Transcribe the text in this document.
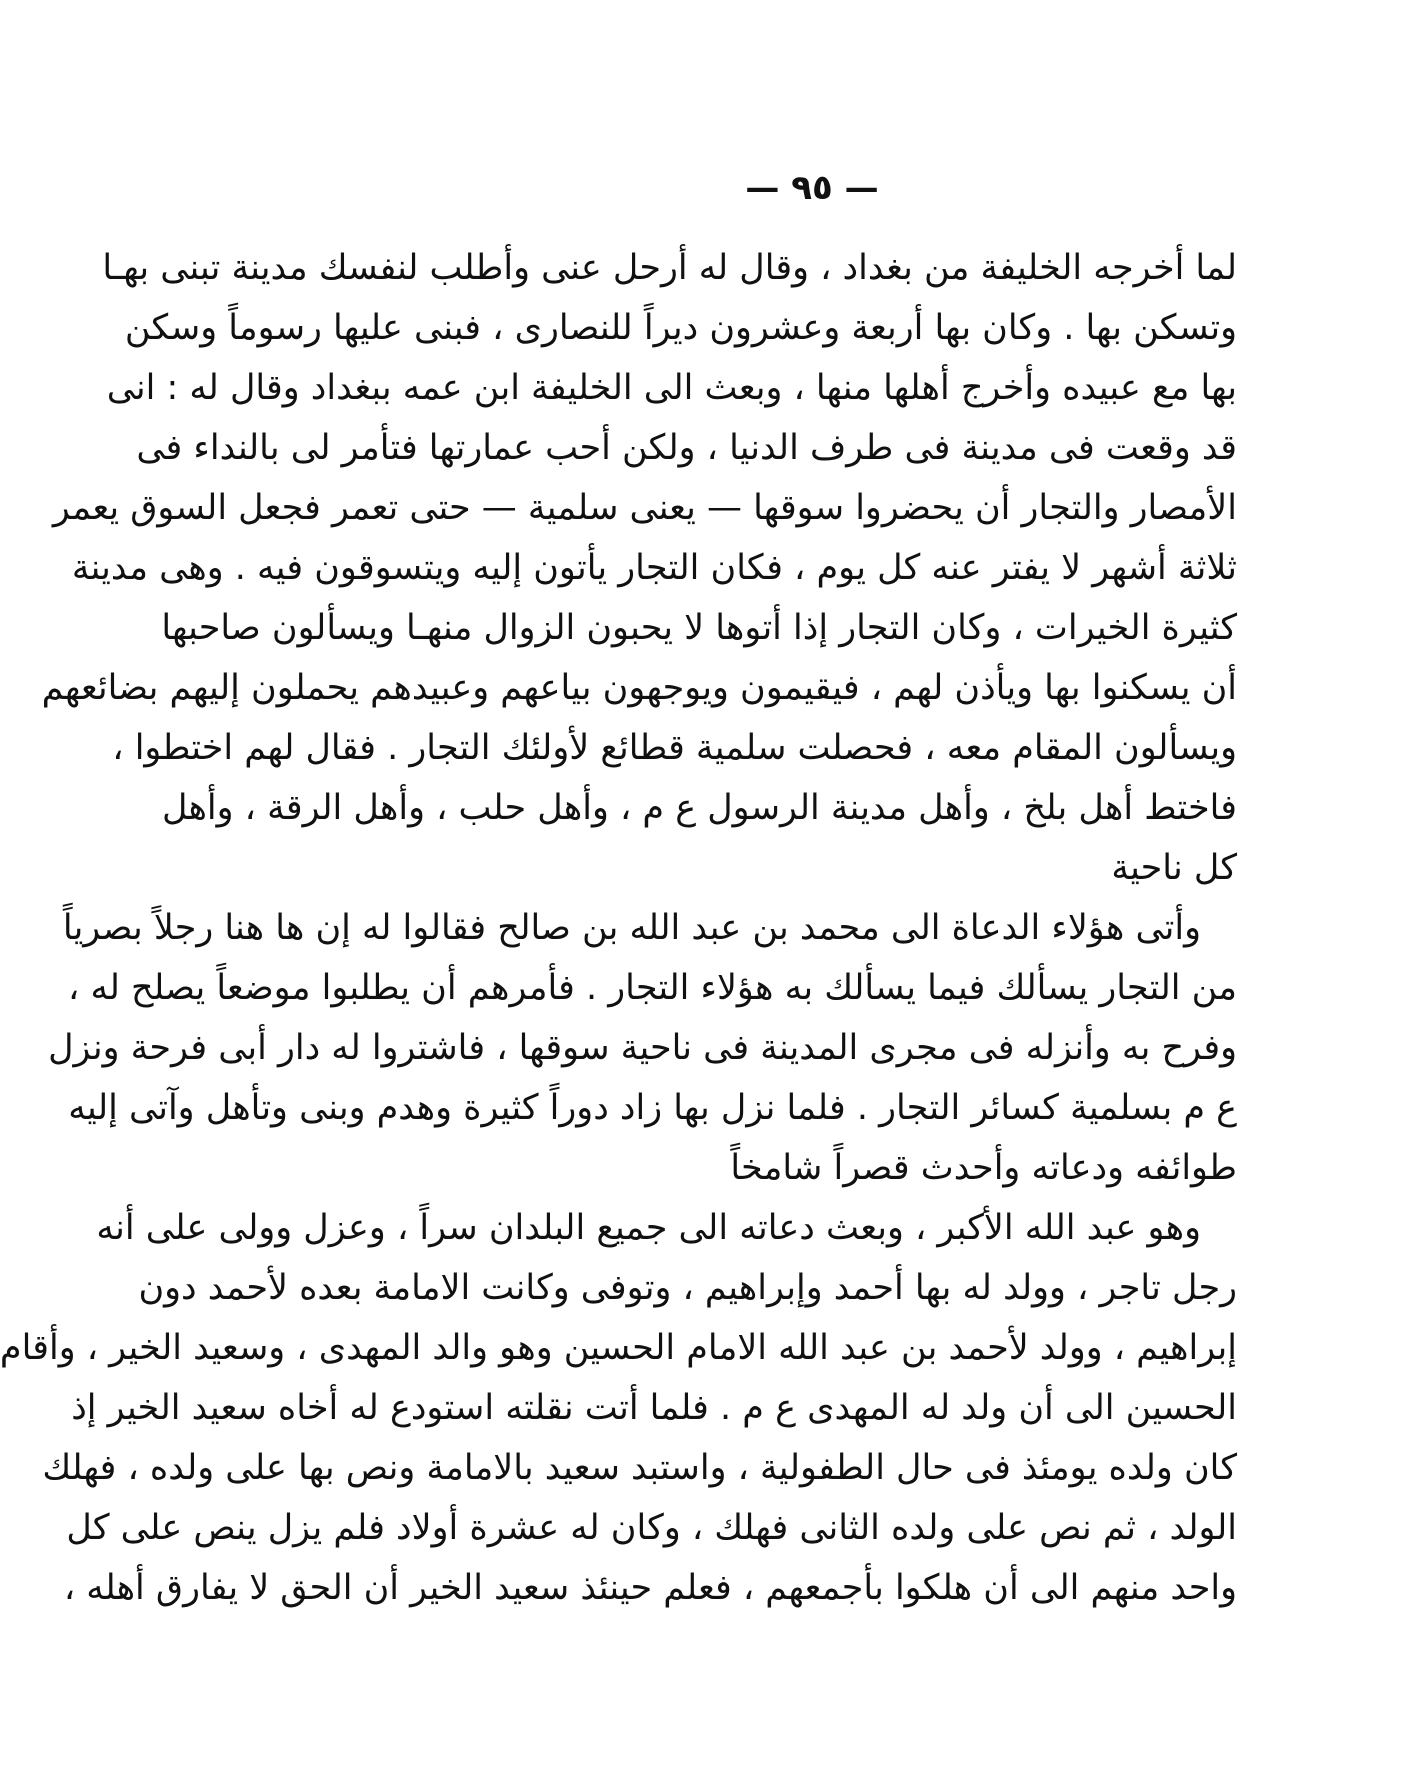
— ٩٥ —
لما أخرجه الخليفة من بغداد ، وقال له أرحل عنى وأطلب لنفسك مدينة تبنى بهـا
وتسكن بها . وكان بها أربعة وعشرون ديراً للنصارى ، فبنى عليها رسوماً وسكن
بها مع عبيده وأخرج أهلها منها ، وبعث الى الخليفة ابن عمه ببغداد وقال له : انى
قد وقعت فى مدينة فى طرف الدنيا ، ولكن أحب عمارتها فتأمر لى بالنداء فى
الأمصار والتجار أن يحضروا سوقها — يعنى سلمية — حتى تعمر فجعل السوق يعمر
ثلاثة أشهر لا يفتر عنه كل يوم ، فكان التجار يأتون إليه ويتسوقون فيه . وهى مدينة
كثيرة الخيرات ، وكان التجار إذا أتوها لا يحبون الزوال منهـا ويسألون صاحبها
أن يسكنوا بها ويأذن لهم ، فيقيمون ويوجهون بياعهم وعبيدهم يحملون إليهم بضائعهم
ويسألون المقام معه ، فحصلت سلمية قطائع لأولئك التجار . فقال لهم اختطوا ،
فاختط أهل بلخ ، وأهل مدينة الرسول ع م ، وأهل حلب ، وأهل الرقة ، وأهل
كل ناحية
وأتى هؤلاء الدعاة الى محمد بن عبد الله بن صالح فقالوا له إن ها هنا رجلاً بصرياً
من التجار يسألك فيما يسألك به هؤلاء التجار . فأمرهم أن يطلبوا موضعاً يصلح له ،
وفرح به وأنزله فى مجرى المدينة فى ناحية سوقها ، فاشتروا له دار أبى فرحة ونزل
ع م بسلمية كسائر التجار . فلما نزل بها زاد دوراً كثيرة وهدم وبنى وتأهل وآتى إليه
طوائفه ودعاته وأحدث قصراً شامخاً
وهو عبد الله الأكبر ، وبعث دعاته الى جميع البلدان سراً ، وعزل وولى على أنه
رجل تاجر ، وولد له بها أحمد وإبراهيم ، وتوفى وكانت الامامة بعده لأحمد دون
إبراهيم ، وولد لأحمد بن عبد الله الامام الحسين وهو والد المهدى ، وسعيد الخير ، وأقام
الحسين الى أن ولد له المهدى ع م . فلما أتت نقلته استودع له أخاه سعيد الخير إذ
كان ولده يومئذ فى حال الطفولية ، واستبد سعيد بالامامة ونص بها على ولده ، فهلك
الولد ، ثم نص على ولده الثانى فهلك ، وكان له عشرة أولاد فلم يزل ينص على كل
واحد منهم الى أن هلكوا بأجمعهم ، فعلم حينئذ سعيد الخير أن الحق لا يفارق أهله ،
